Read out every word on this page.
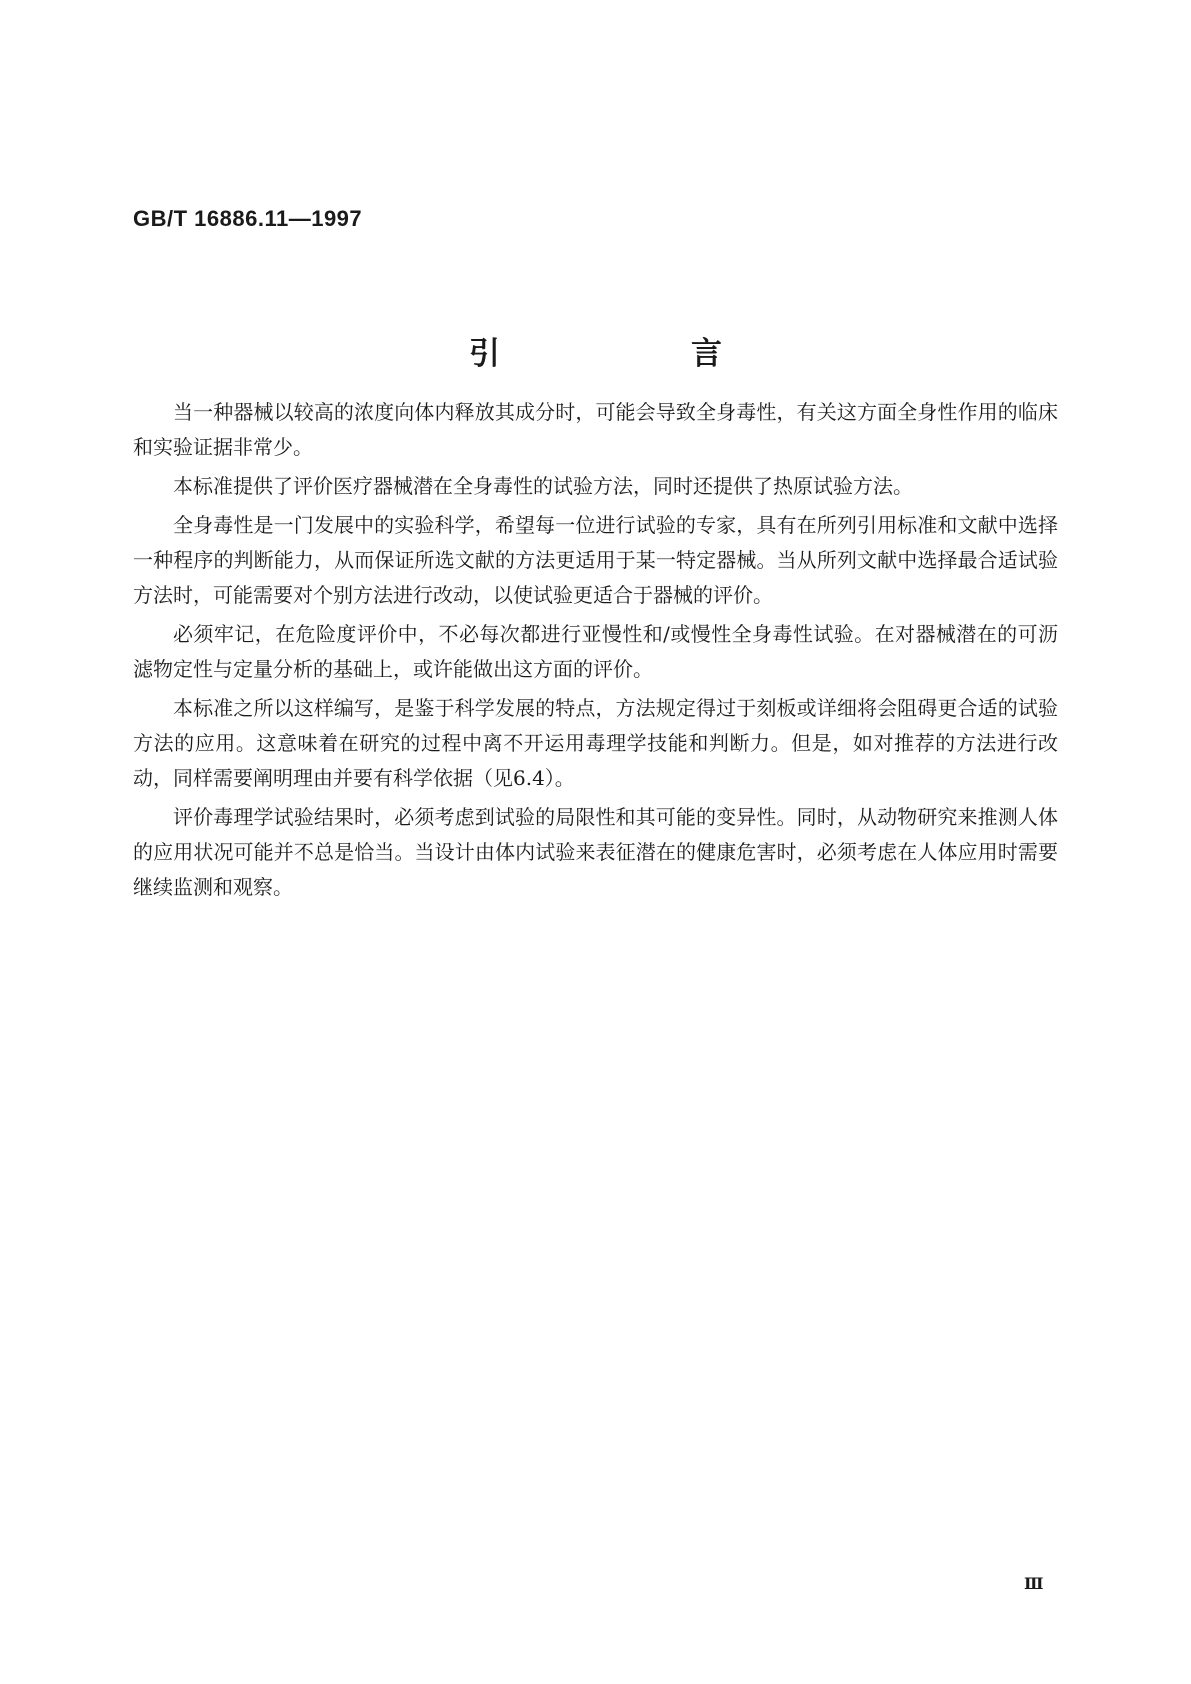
GB/T 16886.11—1997
引　言

当一种器械以较高的浓度向体内释放其成分时，可能会导致全身毒性，有关这方面全身性作用的临床和实验证据非常少。

本标准提供了评价医疗器械潜在全身毒性的试验方法，同时还提供了热原试验方法。

全身毒性是一门发展中的实验科学，希望每一位进行试验的专家，具有在所列引用标准和文献中选择一种程序的判断能力，从而保证所选文献的方法更适用于某一特定器械。当从所列文献中选择最合适试验方法时，可能需要对个别方法进行改动，以使试验更适合于器械的评价。

必须牢记，在危险度评价中，不必每次都进行亚慢性和/或慢性全身毒性试验。在对器械潜在的可沥滤物定性与定量分析的基础上，或许能做出这方面的评价。

本标准之所以这样编写，是鉴于科学发展的特点，方法规定得过于刻板或详细将会阻碍更合适的试验方法的应用。这意味着在研究的过程中离不开运用毒理学技能和判断力。但是，如对推荐的方法进行改动，同样需要阐明理由并要有科学依据（见6.4）。

评价毒理学试验结果时，必须考虑到试验的局限性和其可能的变异性。同时，从动物研究来推测人体的应用状况可能并不总是恰当。当设计由体内试验来表征潜在的健康危害时，必须考虑在人体应用时需要继续监测和观察。

Ⅲ
